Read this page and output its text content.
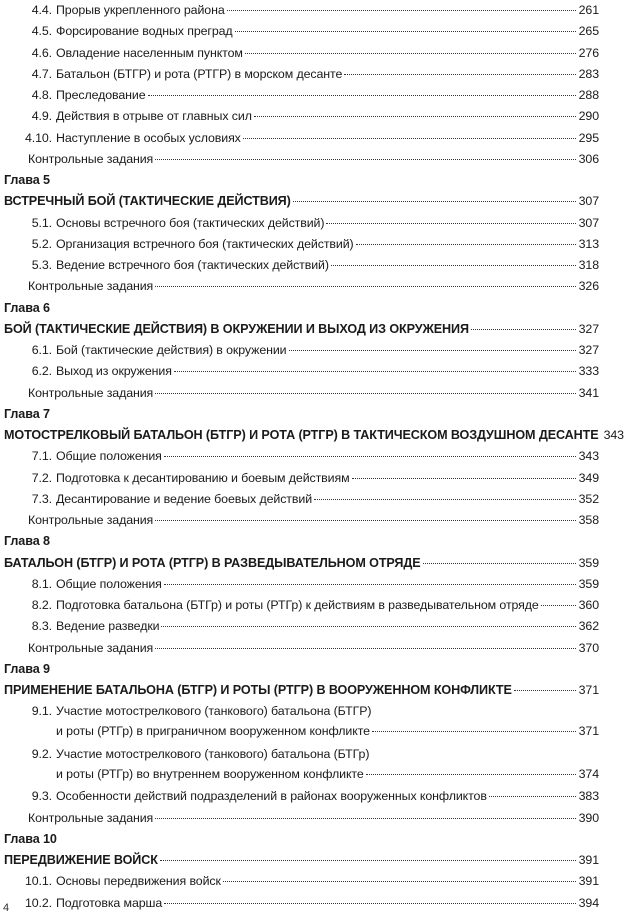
4.4. Прорыв укрепленного района	261
4.5. Форсирование водных преград	265
4.6. Овладение населенным пунктом	276
4.7. Батальон (БТГР) и рота (РТГР) в морском десанте	283
4.8. Преследование	288
4.9. Действия в отрыве от главных сил	290
4.10. Наступление в особых условиях	295
Контрольные задания	306
Глава 5
ВСТРЕЧНЫЙ БОЙ (ТАКТИЧЕСКИЕ ДЕЙСТВИЯ)	307
5.1. Основы встречного боя (тактических действий)	307
5.2. Организация встречного боя (тактических действий)	313
5.3. Ведение встречного боя (тактических действий)	318
Контрольные задания	326
Глава 6
БОЙ (ТАКТИЧЕСКИЕ ДЕЙСТВИЯ) В ОКРУЖЕНИИ И ВЫХОД ИЗ ОКРУЖЕНИЯ	327
6.1. Бой (тактические действия) в окружении	327
6.2. Выход из окружения	333
Контрольные задания	341
Глава 7
МОТОСТРЕЛКОВЫЙ БАТАЛЬОН (БТГР) И РОТА (РТГР) В ТАКТИЧЕСКОМ ВОЗДУШНОМ ДЕСАНТЕ 343
7.1. Общие положения	343
7.2. Подготовка к десантированию и боевым действиям	349
7.3. Десантирование и ведение боевых действий	352
Контрольные задания	358
Глава 8
БАТАЛЬОН (БТГР) И РОТА (РТГР) В РАЗВЕДЫВАТЕЛЬНОМ ОТРЯДЕ	359
8.1. Общие положения	359
8.2. Подготовка батальона (БТГр) и роты (РТГр) к действиям в разведывательном отряде	360
8.3. Ведение разведки	362
Контрольные задания	370
Глава 9
ПРИМЕНЕНИЕ БАТАЛЬОНА (БТГР) И РОТЫ (РТГР) В ВООРУЖЕННОМ КОНФЛИКТЕ	371
9.1. Участие мотострелкового (танкового) батальона (БТГР)
и роты (РТГр) в приграничном вооруженном конфликте	371
9.2. Участие мотострелкового (танкового) батальона (БТГр)
и роты (РТГр) во внутреннем вооруженном конфликте	374
9.3. Особенности действий подразделений в районах вооруженных конфликтов	383
Контрольные задания	390
Глава 10
ПЕРЕДВИЖЕНИЕ ВОЙСК	391
10.1. Основы передвижения войск	391
10.2. Подготовка марша	394
4
